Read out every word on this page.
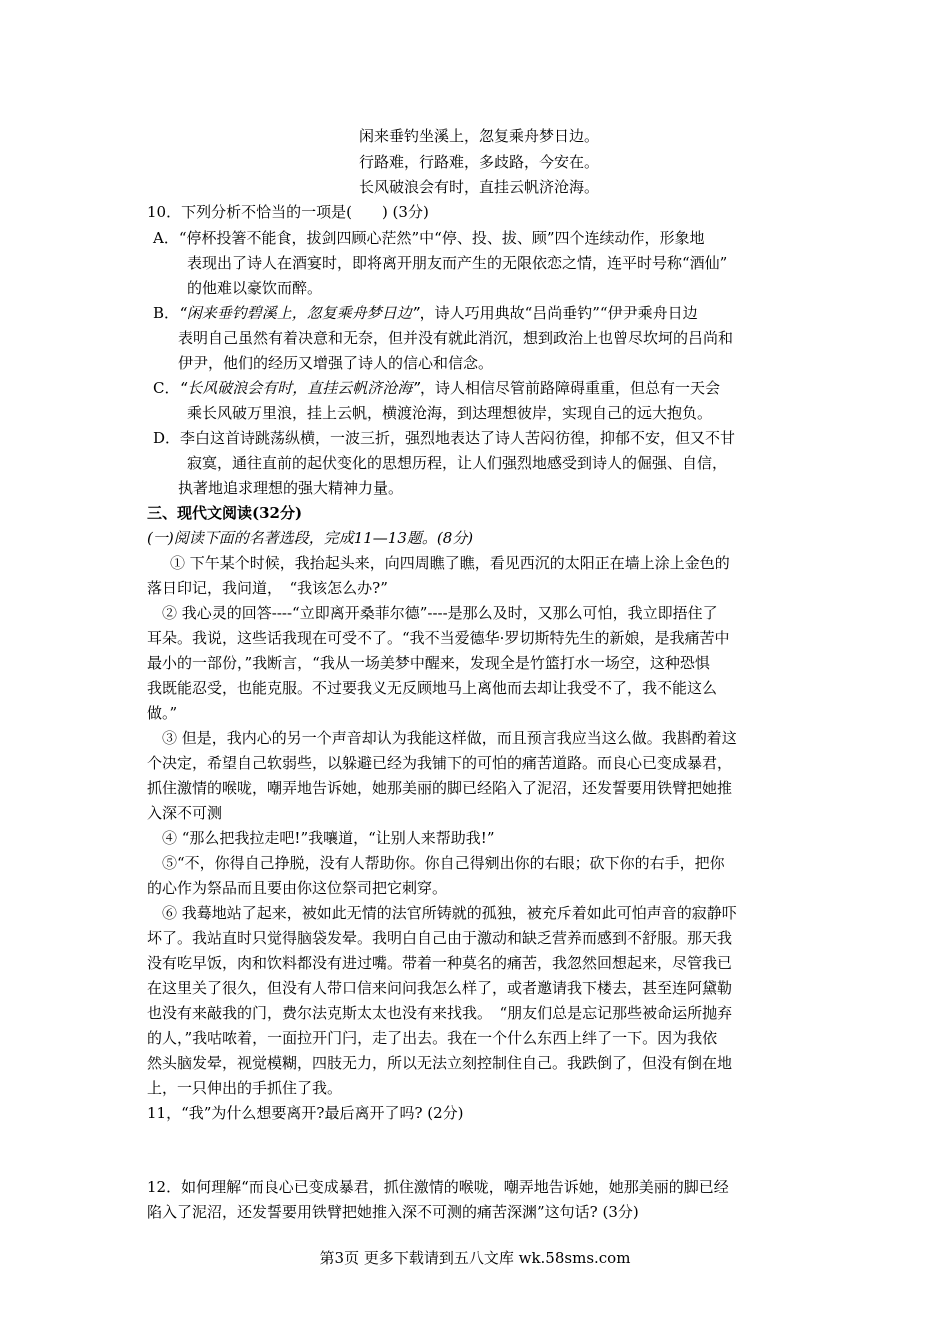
闲来垂钓坐溪上，忽复乘舟梦日边。
行路难，行路难，多歧路，今安在。
长风破浪会有时，直挂云帆济沧海。
10．下列分析不恰当的一项是(　　) (3分)
A．“停杯投箸不能食，拔剑四顾心茫然”中“停、投、拔、顾”四个连续动作，形象地
表现出了诗人在酒宴时，即将离开朋友而产生的无限依恋之情，连平时号称“酒仙”
的他难以豪饮而醉。
B．“闲来垂钓碧溪上，忽复乘舟梦日边”，诗人巧用典故“吕尚垂钓”“伊尹乘舟日边
表明自己虽然有着决意和无奈，但并没有就此消沉，想到政治上也曾尽坎坷的吕尚和
伊尹，他们的经历又增强了诗人的信心和信念。
C．“长风破浪会有时，直挂云帆济沧海”，诗人相信尽管前路障碍重重，但总有一天会
乘长风破万里浪，挂上云帆，横渡沧海，到达理想彼岸，实现自己的远大抱负。
D．李白这首诗跳荡纵横，一波三折，强烈地表达了诗人苦闷彷徨，抑郁不安，但又不甘
寂寞，通往直前的起伏变化的思想历程，让人们强烈地感受到诗人的倔强、自信，
执著地追求理想的强大精神力量。
三、现代文阅读(32分)
(一)阅读下面的名著选段，完成11—13题。(8分)
① 下午某个时候，我抬起头来，向四周瞧了瞧，看见西沉的太阳正在墙上涂上金色的
落日印记，我问道，　“我该怎么办?”
② 我心灵的回答----“立即离开桑菲尔德”----是那么及时，又那么可怕，我立即捂住了
耳朵。我说，这些话我现在可受不了。“我不当爱德华·罗切斯特先生的新娘，是我痛苦中
最小的一部份，”我断言，“我从一场美梦中醒来，发现全是竹篮打水一场空，这种恐惧
我既能忍受，也能克服。不过要我义无反顾地马上离他而去却让我受不了，我不能这么
做。”
③ 但是，我内心的另一个声音却认为我能这样做，而且预言我应当这么做。我斟酌着这
个决定，希望自己软弱些，以躲避已经为我铺下的可怕的痛苦道路。而良心已变成暴君，
抓住激情的喉咙，嘲弄地告诉她，她那美丽的脚已经陷入了泥沼，还发誓要用铁臂把她推
入深不可测
④ “那么把我拉走吧!”我嚷道，“让别人来帮助我!”
⑤“不，你得自己挣脱，没有人帮助你。你自己得剜出你的右眼；砍下你的右手，把你
的心作为祭品而且要由你这位祭司把它刺穿。
⑥ 我蓦地站了起来，被如此无情的法官所铸就的孤独，被充斥着如此可怕声音的寂静吓
坏了。我站直时只觉得脑袋发晕。我明白自己由于激动和缺乏营养而感到不舒服。那天我
没有吃早饭，肉和饮料都没有进过嘴。带着一种莫名的痛苦，我忽然回想起来，尽管我已
在这里关了很久，但没有人带口信来问问我怎么样了，或者邀请我下楼去，甚至连阿黛勒
也没有来敲我的门，费尔法克斯太太也没有来找我。　“朋友们总是忘记那些被命运所抛弃
的人，”我咕哝着，一面拉开门闩，走了出去。我在一个什么东西上绊了一下。因为我依
然头脑发晕，视觉模糊，四肢无力，所以无法立刻控制住自己。我跌倒了，但没有倒在地
上，一只伸出的手抓住了我。
11，“我”为什么想要离开?最后离开了吗? (2分)
12．如何理解“而良心已变成暴君，抓住激情的喉咙，嘲弄地告诉她，她那美丽的脚已经
陷入了泥沼，还发誓要用铁臂把她推入深不可测的痛苦深渊”这句话? (3分)
第3页 更多下载请到五八文库 wk.58sms.com
